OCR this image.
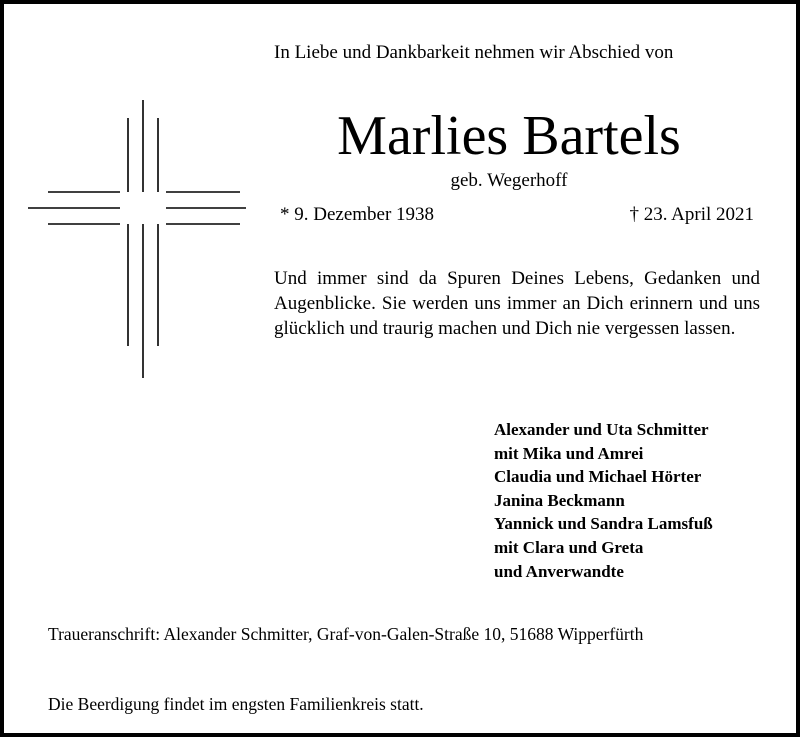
In Liebe und Dankbarkeit nehmen wir Abschied von
Marlies Bartels
geb. Wegerhoff
* 9. Dezember 1938	† 23. April 2021
Und immer sind da Spuren Deines Lebens, Gedanken und Augenblicke. Sie werden uns immer an Dich erinnern und uns glücklich und traurig machen und Dich nie vergessen lassen.
Alexander und Uta Schmitter
mit Mika und Amrei
Claudia und Michael Hörter
Janina Beckmann
Yannick und Sandra Lamsfuß
mit Clara und Greta
und Anverwandte
Traueranschrift: Alexander Schmitter, Graf-von-Galen-Straße 10, 51688 Wipperfürth
Die Beerdigung findet im engsten Familienkreis statt.
